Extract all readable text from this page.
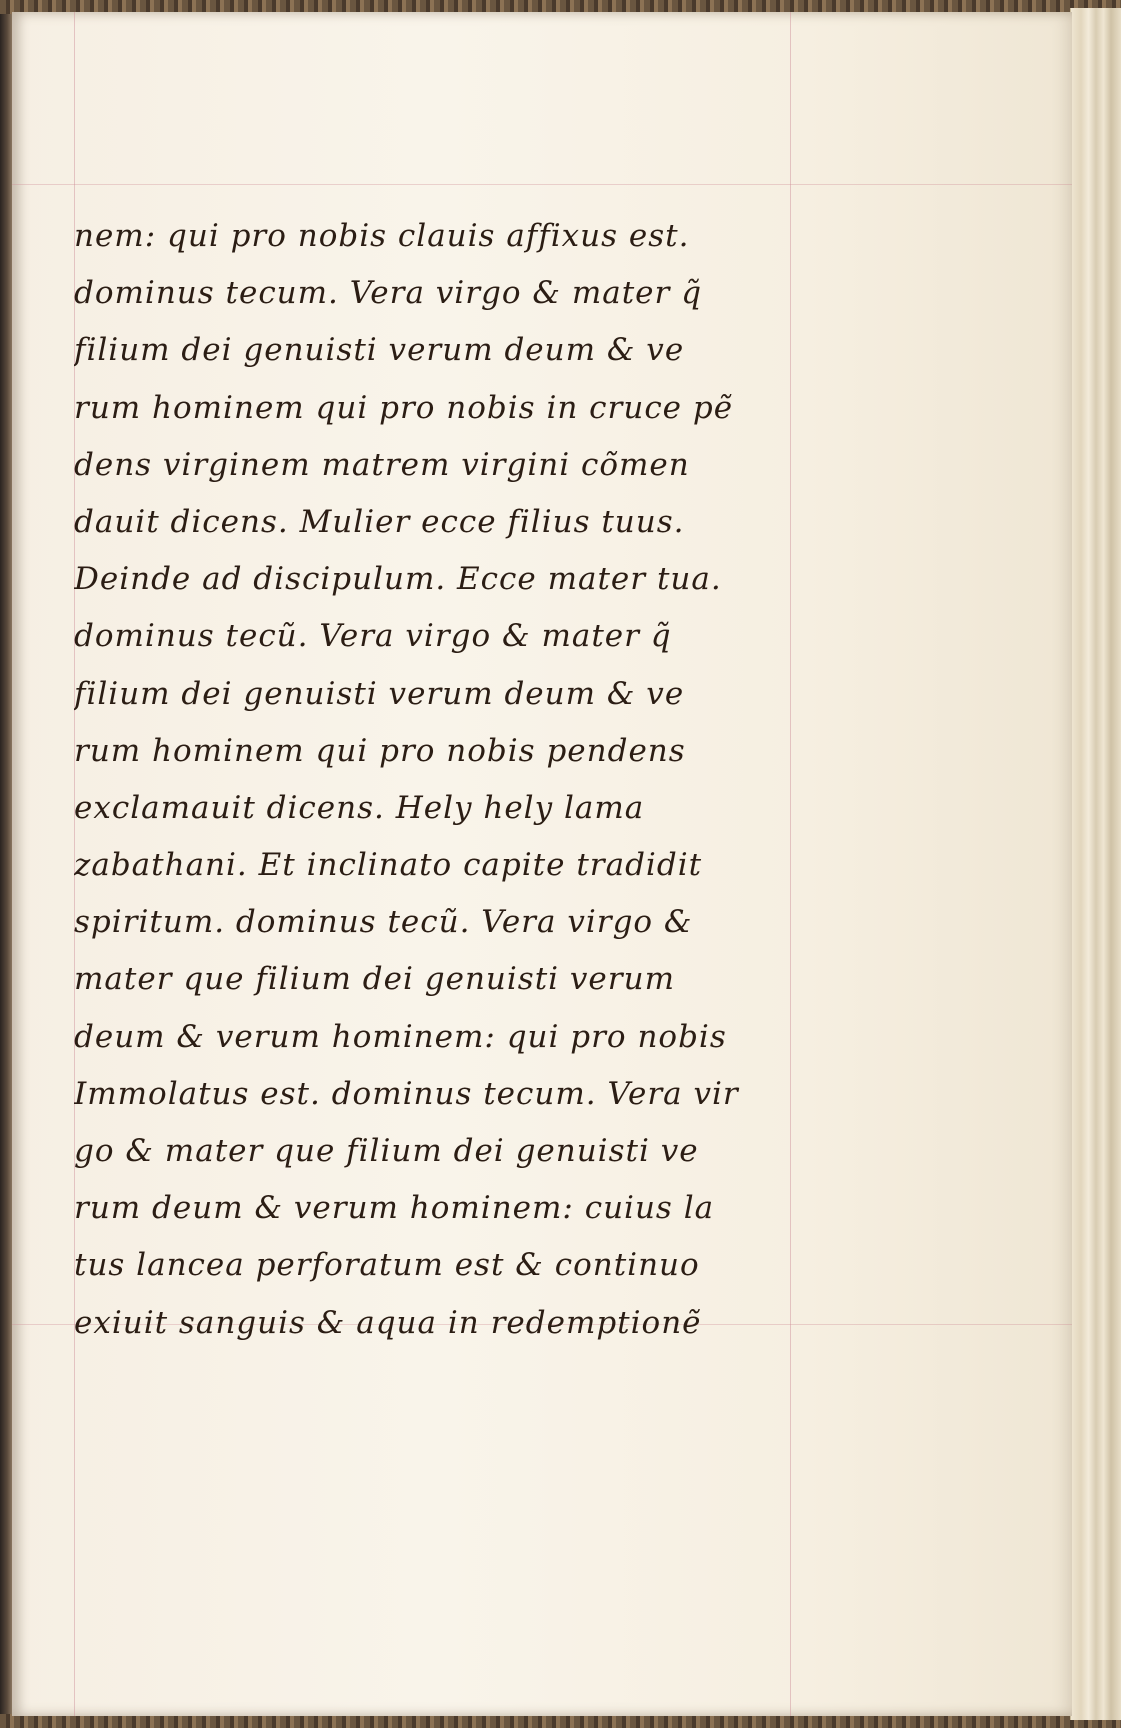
nem: qui pro nobis clauis affixus est.
dominus tecum. Vera virgo & mater q̃
filium dei genuisti verum deum & ve
rum hominem qui pro nobis in cruce pẽ
dens virginem matrem virgini cõmen
dauit dicens. Mulier ecce filius tuus.
Deinde ad discipulum. Ecce mater tua.
dominus tecũ. Vera virgo & mater q̃
filium dei genuisti verum deum & ve
rum hominem qui pro nobis pendens
exclamauit dicens. Hely hely lama
zabathani. Et inclinato capite tradidit
spiritum. dominus tecũ. Vera virgo &
mater que filium dei genuisti verum
deum & verum hominem: qui pro nobis
Immolatus est. dominus tecum. Vera vir
go & mater que filium dei genuisti ve
rum deum & verum hominem: cuius la
tus lancea perforatum est & continuo
exiuit sanguis & aqua in redemptionẽ
